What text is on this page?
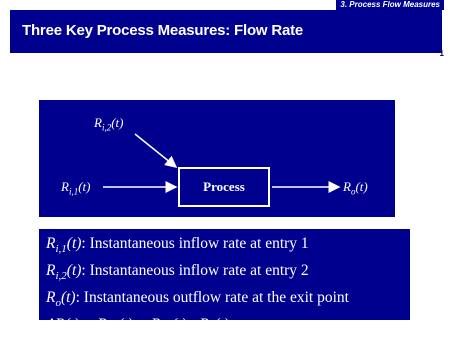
3. Process Flow Measures
Three Key Process Measures: Flow Rate
1
$R_{i,2}(t)$
$R_{i,1}(t)$	Process	$R_o(t)$
$R_{i,1}(t)$: Instantaneous inflow rate at entry 1
$R_{i,2}(t)$: Instantaneous inflow rate at entry 2
$R_o(t)$: Instantaneous outflow rate at the exit point
$\Delta R(t) = R_{i,1}(t) + R_{i,2}(t) - R_o(t)$
